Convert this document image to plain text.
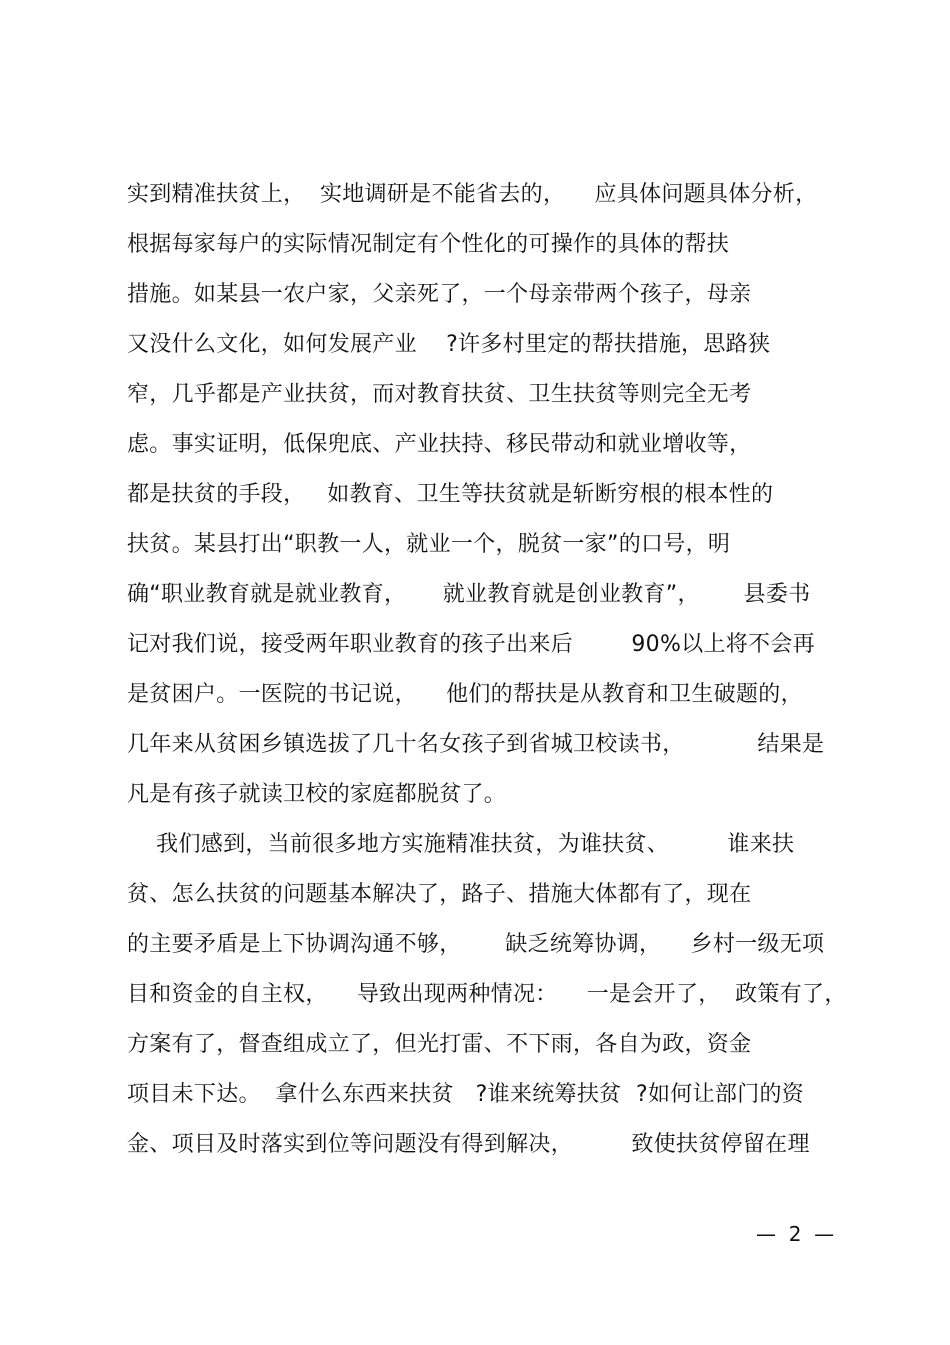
实到精准扶贫上，  实地调研是不能省去的，    应具体问题具体分析，
根据每家每户的实际情况制定有个性化的可操作的具体的帮扶
措施。如某县一农户家，父亲死了，一个母亲带两个孩子，母亲
又没什么文化，如何发展产业    ?许多村里定的帮扶措施，思路狭
窄，几乎都是产业扶贫，而对教育扶贫、卫生扶贫等则完全无考
虑。事实证明，低保兜底、产业扶持、移民带动和就业增收等，
都是扶贫的手段，   如教育、卫生等扶贫就是斩断穷根的根本性的
扶贫。某县打出“职教一人，就业一个，脱贫一家”的口号，明
确“职业教育就是就业教育，     就业教育就是创业教育”，      县委书
记对我们说，接受两年职业教育的孩子出来后        90%以上将不会再
是贫困户。一医院的书记说，    他们的帮扶是从教育和卫生破题的，
几年来从贫困乡镇选拔了几十名女孩子到省城卫校读书，          结果是
凡是有孩子就读卫校的家庭都脱贫了。
我们感到，当前很多地方实施精准扶贫，为谁扶贫、        谁来扶
贫、怎么扶贫的问题基本解决了，路子、措施大体都有了，现在
的主要矛盾是上下协调沟通不够，      缺乏统筹协调，    乡村一级无项
目和资金的自主权，    导致出现两种情况：    一是会开了，  政策有了，
方案有了，督查组成立了，但光打雷、不下雨，各自为政，资金
项目未下达。  拿什么东西来扶贫   ?谁来统筹扶贫  ?如何让部门的资
金、项目及时落实到位等问题没有得到解决，        致使扶贫停留在理
—  2  —
